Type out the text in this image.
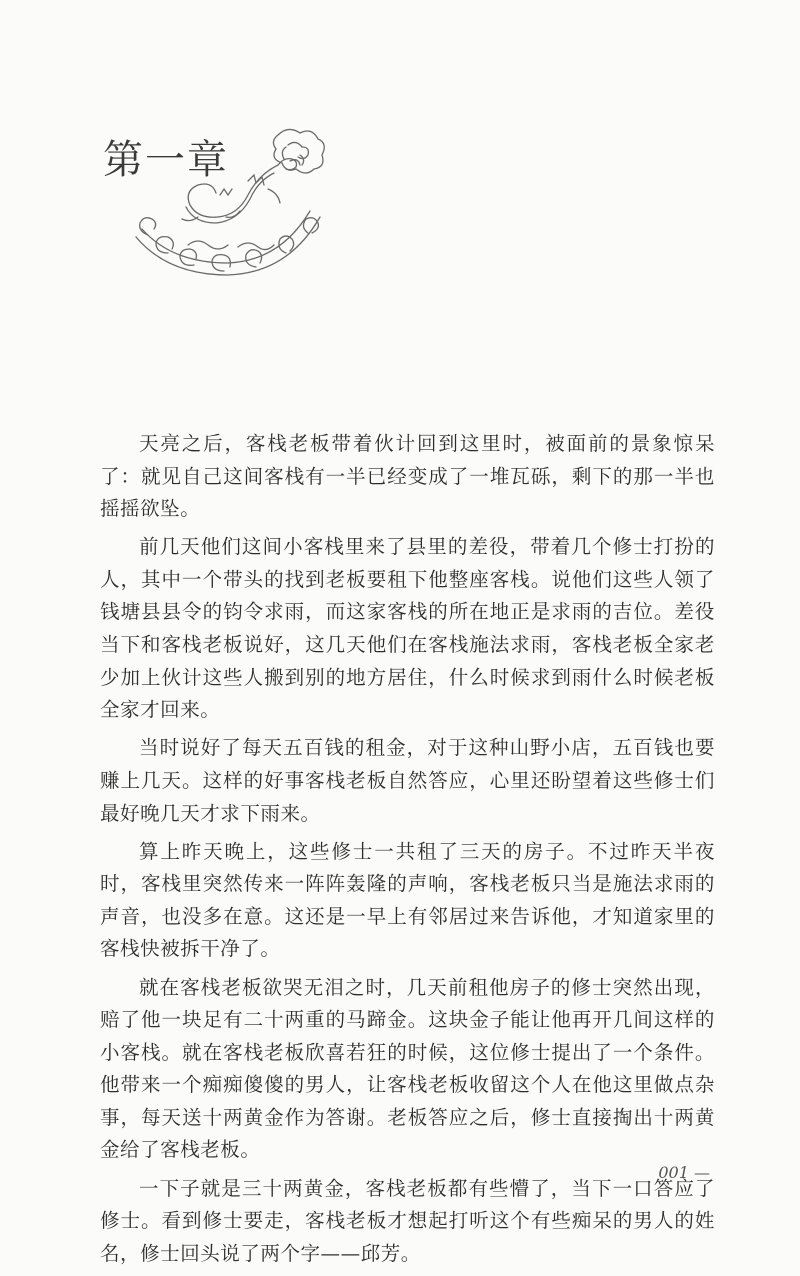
第一章

天亮之后，客栈老板带着伙计回到这里时，被面前的景象惊呆了：就见自己这间客栈有一半已经变成了一堆瓦砾，剩下的那一半也摇摇欲坠。

前几天他们这间小客栈里来了县里的差役，带着几个修士打扮的人，其中一个带头的找到老板要租下他整座客栈。说他们这些人领了钱塘县县令的钧令求雨，而这家客栈的所在地正是求雨的吉位。差役当下和客栈老板说好，这几天他们在客栈施法求雨，客栈老板全家老少加上伙计这些人搬到别的地方居住，什么时候求到雨什么时候老板全家才回来。

当时说好了每天五百钱的租金，对于这种山野小店，五百钱也要赚上几天。这样的好事客栈老板自然答应，心里还盼望着这些修士们最好晚几天才求下雨来。

算上昨天晚上，这些修士一共租了三天的房子。不过昨天半夜时，客栈里突然传来一阵阵轰隆的声响，客栈老板只当是施法求雨的声音，也没多在意。这还是一早上有邻居过来告诉他，才知道家里的客栈快被拆干净了。

就在客栈老板欲哭无泪之时，几天前租他房子的修士突然出现，赔了他一块足有二十两重的马蹄金。这块金子能让他再开几间这样的小客栈。就在客栈老板欣喜若狂的时候，这位修士提出了一个条件。他带来一个痴痴傻傻的男人，让客栈老板收留这个人在他这里做点杂事，每天送十两黄金作为答谢。老板答应之后，修士直接掏出十两黄金给了客栈老板。

一下子就是三十两黄金，客栈老板都有些懵了，当下一口答应了修士。看到修士要走，客栈老板才想起打听这个有些痴呆的男人的姓名，修士回头说了两个字——邱芳。

001 —
